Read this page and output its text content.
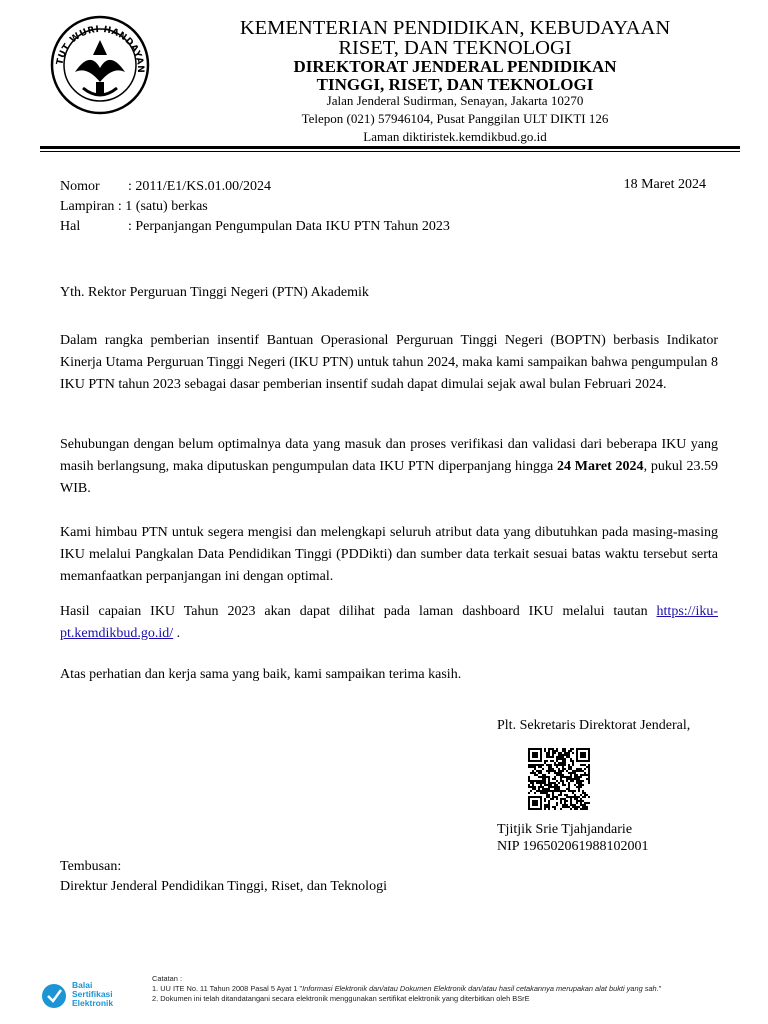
TUT WURI HANDAYAN
KEMENTERIAN PENDIDIKAN, KEBUDAYAAN
RISET, DAN TEKNOLOGI
DIREKTORAT JENDERAL PENDIDIKAN
TINGGI, RISET, DAN TEKNOLOGI
Jalan Jenderal Sudirman, Senayan, Jakarta 10270
Telepon (021) 57946104, Pusat Panggilan ULT DIKTI 126
Laman diktiristek.kemdikbud.go.id
Nomor : 2011/E1/KS.01.00/2024	18 Maret 2024
Lampiran : 1 (satu) berkas
Hal	: Perpanjangan Pengumpulan Data IKU PTN Tahun 2023
Yth. Rektor Perguruan Tinggi Negeri (PTN) Akademik
Dalam rangka pemberian insentif Bantuan Operasional Perguruan Tinggi Negeri (BOPTN) berbasis Indikator Kinerja Utama Perguruan Tinggi Negeri (IKU PTN) untuk tahun 2024, maka kami sampaikan bahwa pengumpulan 8 IKU PTN tahun 2023 sebagai dasar pemberian insentif sudah dapat dimulai sejak awal bulan Februari 2024.
Sehubungan dengan belum optimalnya data yang masuk dan proses verifikasi dan validasi dari beberapa IKU yang masih berlangsung, maka diputuskan pengumpulan data IKU PTN diperpanjang hingga 24 Maret 2024, pukul 23.59 WIB.
Kami himbau PTN untuk segera mengisi dan melengkapi seluruh atribut data yang dibutuhkan pada masing-masing IKU melalui Pangkalan Data Pendidikan Tinggi (PDDikti) dan sumber data terkait sesuai batas waktu tersebut serta memanfaatkan perpanjangan ini dengan optimal.
Hasil capaian IKU Tahun 2023 akan dapat dilihat pada laman dashboard IKU melalui tautan https://iku-pt.kemdikbud.go.id/ .
Atas perhatian dan kerja sama yang baik, kami sampaikan terima kasih.
Plt. Sekretaris Direktorat Jenderal,
Tjitjik Srie Tjahjandarie
NIP 196502061988102001
Tembusan:
Direktur Jenderal Pendidikan Tinggi, Riset, dan Teknologi
Balai
Sertifikasi
Elektronik
Catatan :
1. UU ITE No. 11 Tahun 2008 Pasal 5 Ayat 1 "Informasi Elektronik dan/atau Dokumen Elektronik dan/atau hasil cetakannya merupakan alat bukti yang sah."
2. Dokumen ini telah ditandatangani secara elektronik menggunakan sertifikat elektronik yang diterbitkan oleh BSrE
